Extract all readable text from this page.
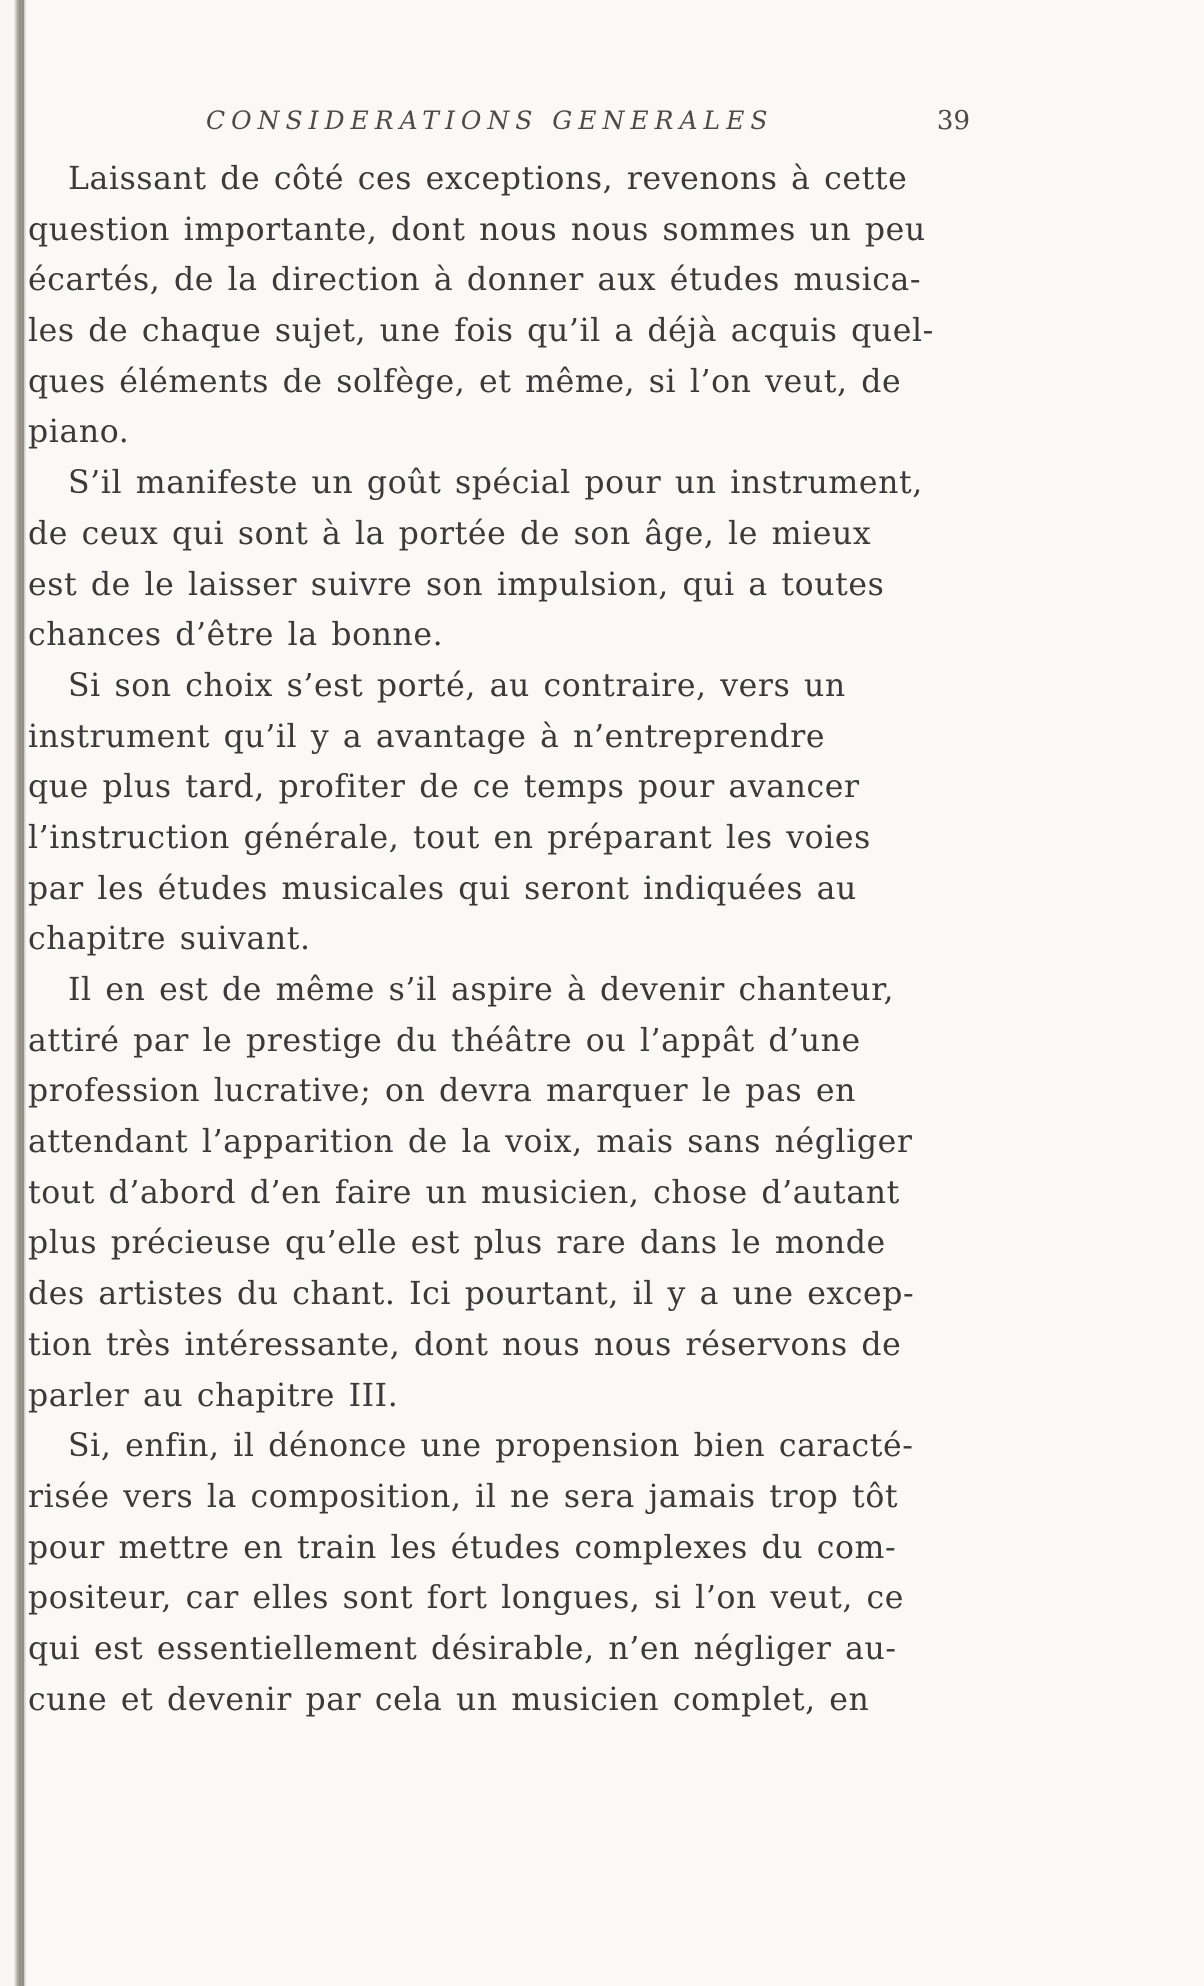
CONSIDERATIONS GENERALES	39
Laissant de côté ces exceptions, revenons à cette
question importante, dont nous nous sommes un peu
écartés, de la direction à donner aux études musica-
les de chaque sujet, une fois qu’il a déjà acquis quel-
ques éléments de solfège, et même, si l’on veut, de
piano.
S’il manifeste un goût spécial pour un instrument,
de ceux qui sont à la portée de son âge, le mieux
est de le laisser suivre son impulsion, qui a toutes
chances d’être la bonne.
Si son choix s’est porté, au contraire, vers un
instrument qu’il y a avantage à n’entreprendre
que plus tard, profiter de ce temps pour avancer
l’instruction générale, tout en préparant les voies
par les études musicales qui seront indiquées au
chapitre suivant.
Il en est de même s’il aspire à devenir chanteur,
attiré par le prestige du théâtre ou l’appât d’une
profession lucrative; on devra marquer le pas en
attendant l’apparition de la voix, mais sans négliger
tout d’abord d’en faire un musicien, chose d’autant
plus précieuse qu’elle est plus rare dans le monde
des artistes du chant. Ici pourtant, il y a une excep-
tion très intéressante, dont nous nous réservons de
parler au chapitre III.
Si, enfin, il dénonce une propension bien caracté-
risée vers la composition, il ne sera jamais trop tôt
pour mettre en train les études complexes du com-
positeur, car elles sont fort longues, si l’on veut, ce
qui est essentiellement désirable, n’en négliger au-
cune et devenir par cela un musicien complet, en
